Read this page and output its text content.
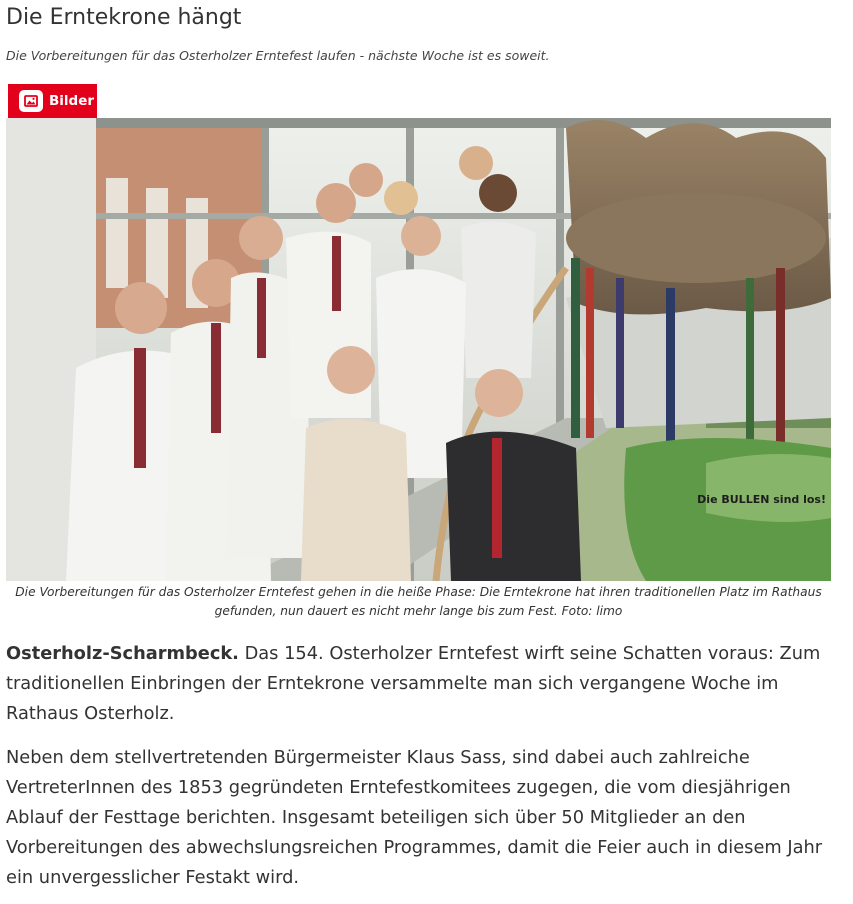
Die Erntekrone hängt

Die Vorbereitungen für das Osterholzer Erntefest laufen - nächste Woche ist es soweit.

Bilder
Die BULLEN sind los!

Die Vorbereitungen für das Osterholzer Erntefest gehen in die heiße Phase: Die Erntekrone hat ihren traditionellen Platz im Rathaus gefunden, nun dauert es nicht mehr lange bis zum Fest. Foto: limo

Osterholz-Scharmbeck. Das 154. Osterholzer Erntefest wirft seine Schatten voraus: Zum traditionellen Einbringen der Erntekrone versammelte man sich vergangene Woche im Rathaus Osterholz.

Neben dem stellvertretenden Bürgermeister Klaus Sass, sind dabei auch zahlreiche VertreterInnen des 1853 gegründeten Erntefestkomitees zugegen, die vom diesjährigen Ablauf der Festtage berichten. Insgesamt beteiligen sich über 50 Mitglieder an den Vorbereitungen des abwechslungsreichen Programmes, damit die Feier auch in diesem Jahr ein unvergesslicher Festakt wird.
